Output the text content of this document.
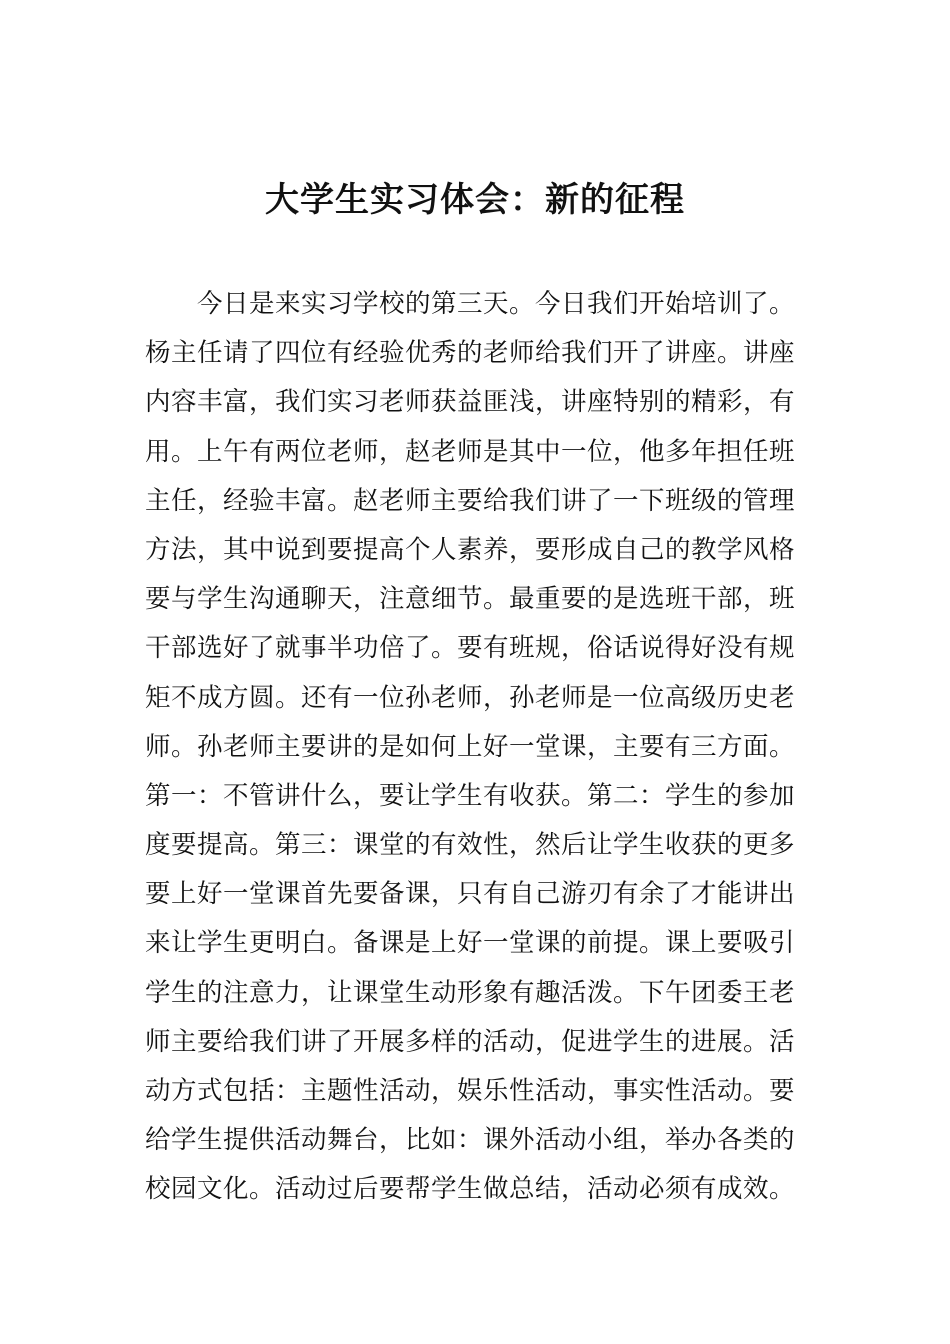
大学生实习体会：新的征程
今日是来实习学校的第三天。今日我们开始培训了。
杨主任请了四位有经验优秀的老师给我们开了讲座。讲座
内容丰富，我们实习老师获益匪浅，讲座特别的精彩，有
用。上午有两位老师，赵老师是其中一位，他多年担任班
主任，经验丰富。赵老师主要给我们讲了一下班级的管理
方法，其中说到要提高个人素养，要形成自己的教学风格
要与学生沟通聊天，注意细节。最重要的是选班干部，班
干部选好了就事半功倍了。要有班规，俗话说得好没有规
矩不成方圆。还有一位孙老师，孙老师是一位高级历史老
师。孙老师主要讲的是如何上好一堂课，主要有三方面。
第一：不管讲什么，要让学生有收获。第二：学生的参加
度要提高。第三：课堂的有效性，然后让学生收获的更多
要上好一堂课首先要备课，只有自己游刃有余了才能讲出
来让学生更明白。备课是上好一堂课的前提。课上要吸引
学生的注意力，让课堂生动形象有趣活泼。下午团委王老
师主要给我们讲了开展多样的活动，促进学生的进展。活
动方式包括：主题性活动，娱乐性活动，事实性活动。要
给学生提供活动舞台，比如：课外活动小组，举办各类的
校园文化。活动过后要帮学生做总结，活动必须有成效。
